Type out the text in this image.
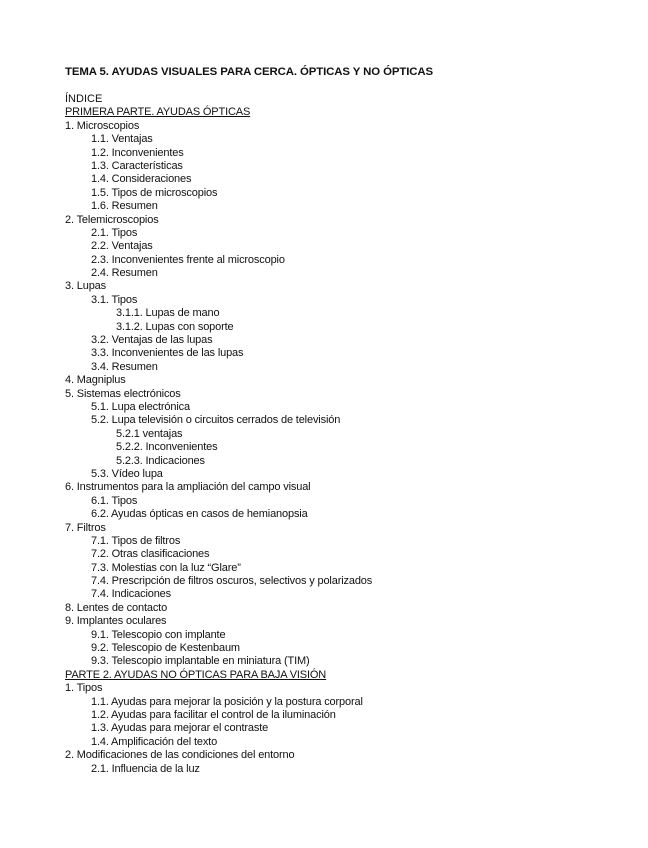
TEMA 5. AYUDAS VISUALES PARA CERCA. ÓPTICAS Y NO ÓPTICAS
ÍNDICE
PRIMERA PARTE. AYUDAS ÓPTICAS
1. Microscopios
1.1. Ventajas
1.2. Inconvenientes
1.3. Características
1.4. Consideraciones
1.5. Tipos de microscopios
1.6. Resumen
2. Telemicroscopios
2.1. Tipos
2.2. Ventajas
2.3. Inconvenientes frente al microscopio
2.4. Resumen
3. Lupas
3.1. Tipos
3.1.1. Lupas de mano
3.1.2. Lupas con soporte
3.2. Ventajas de las lupas
3.3. Inconvenientes de las lupas
3.4. Resumen
4. Magniplus
5. Sistemas electrónicos
5.1. Lupa electrónica
5.2. Lupa televisión o circuitos cerrados de televisión
5.2.1 ventajas
5.2.2. Inconvenientes
5.2.3. Indicaciones
5.3. Vídeo lupa
6. Instrumentos para la ampliación del campo visual
6.1. Tipos
6.2. Ayudas ópticas en casos de hemianopsia
7. Filtros
7.1. Tipos de filtros
7.2. Otras clasificaciones
7.3. Molestias con la luz “Glare”
7.4. Prescripción de filtros oscuros, selectivos y polarizados
7.4. Indicaciones
8. Lentes de contacto
9. Implantes oculares
9.1. Telescopio con implante
9.2. Telescopio de Kestenbaum
9.3. Telescopio implantable en miniatura (TIM)
PARTE 2. AYUDAS NO ÓPTICAS PARA BAJA VISIÓN
1. Tipos
1.1. Ayudas para mejorar la posición y la postura corporal
1.2. Ayudas para facilitar el control de la iluminación
1.3. Ayudas para mejorar el contraste
1.4. Amplificación del texto
2. Modificaciones de las condiciones del entorno
2.1. Influencia de la luz
